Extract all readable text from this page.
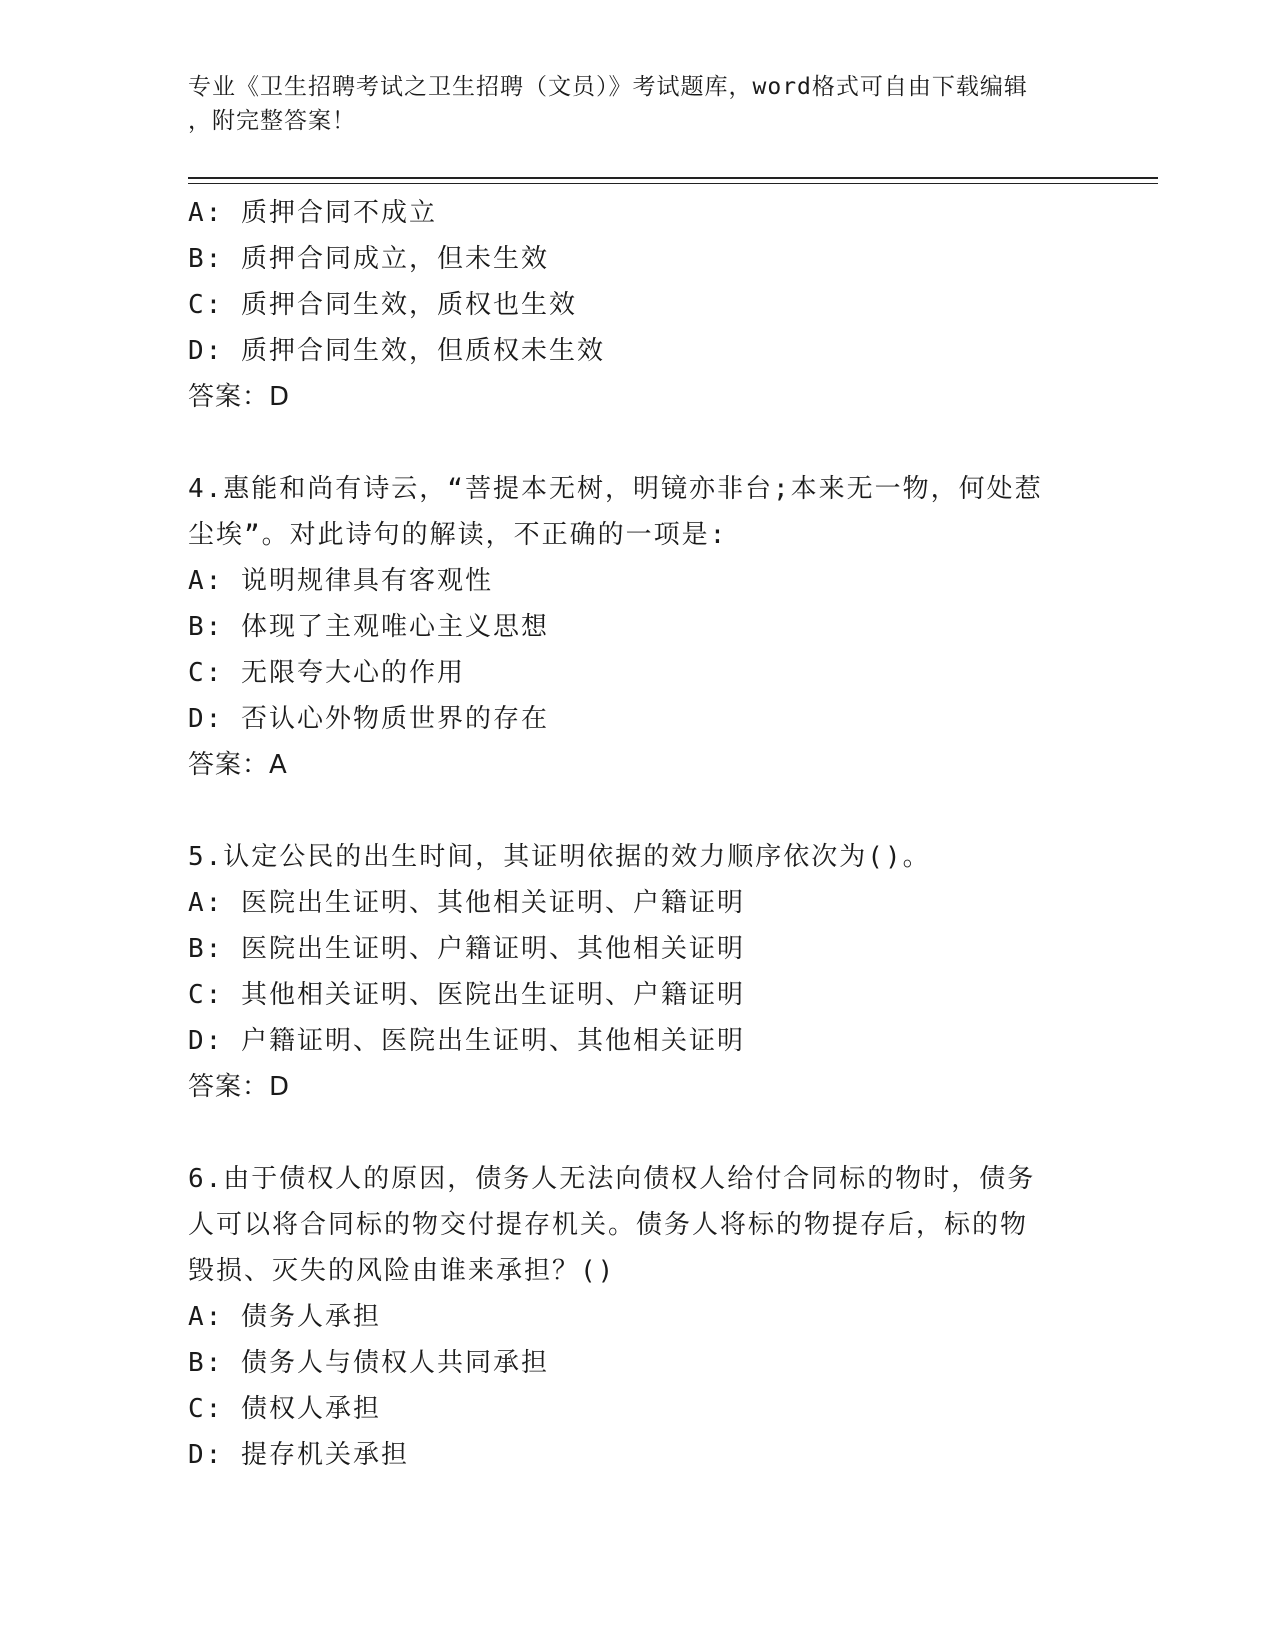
专业《卫生招聘考试之卫生招聘（文员）》考试题库，word格式可自由下载编辑
，附完整答案！
A: 质押合同不成立
B: 质押合同成立，但未生效
C: 质押合同生效，质权也生效
D: 质押合同生效，但质权未生效
答案：D
4.惠能和尚有诗云，“菩提本无树，明镜亦非台;本来无一物，何处惹
尘埃”。对此诗句的解读，不正确的一项是:
A: 说明规律具有客观性
B: 体现了主观唯心主义思想
C: 无限夸大心的作用
D: 否认心外物质世界的存在
答案：A
5.认定公民的出生时间，其证明依据的效力顺序依次为()。
A: 医院出生证明、其他相关证明、户籍证明
B: 医院出生证明、户籍证明、其他相关证明
C: 其他相关证明、医院出生证明、户籍证明
D: 户籍证明、医院出生证明、其他相关证明
答案：D
6.由于债权人的原因，债务人无法向债权人给付合同标的物时，债务
人可以将合同标的物交付提存机关。债务人将标的物提存后，标的物
毁损、灭失的风险由谁来承担？()
A: 债务人承担
B: 债务人与债权人共同承担
C: 债权人承担
D: 提存机关承担
